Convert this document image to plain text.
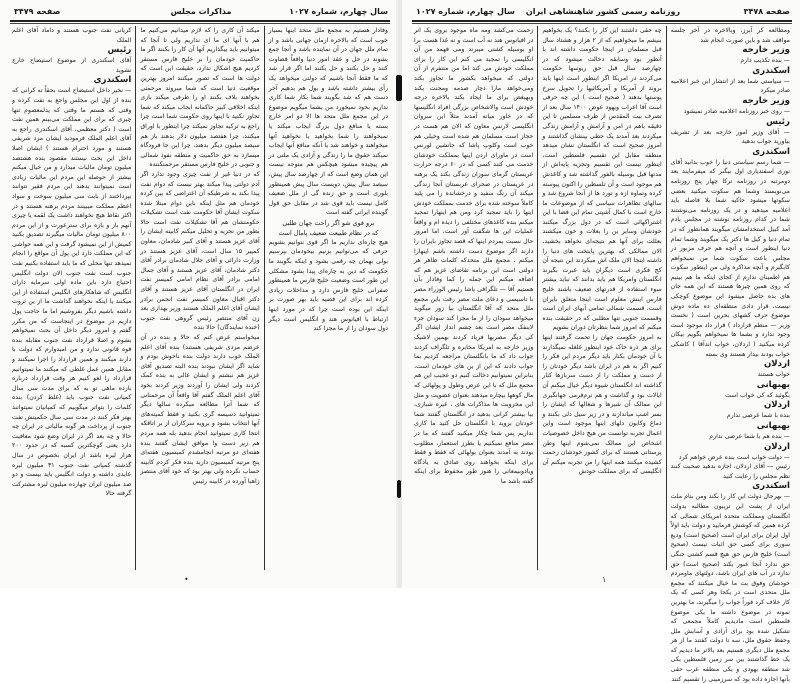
سال چهارم، شماره ۱۰۲۷
مذاکرات مجلس
صفحه ۳۴۷۹

وفادار هستیم به مجمع ملل متحد اینها بسیار خوب است که بالاخره ارمان جهانی باشد و از تمام ملل جهان در آن نماینده باشد و آنجا جمع بشوند در حل و عقد امور دنیا واقعاً قضاوت کنند و حل بکنند و حل بکنند اما اگر قرار شد که ما فقط آنجا باشیم که دولتی میخواهد یک رأی بیشتر داشته باشد و بول هم بدهیم آخر دست هم که شد بگویند شما بکار شما کاری نداریم بخود نمیخورد من بشما میگویم موضوع در این مجمع ملل متحد ها الا دو امر خارج بسته یا منافع دول بزرگ ایجاب میکند یا نمیخواهند را شما بخواهید یا نخواهید آنها میخواهند و خواهند شد یا آنکه منافع آنها ایجاب نمیکند حقوق ما را زندگی و آزادی یک ملتی در هم پیچیده میشود هیچکس هم متوجه نیست این همان وضع است که از چهارصد سال پیش، سیصد سال پیش، دویست سال پیش همینطور بلوری است و حق زنده گی از ملل ضعیف کامل نیست باید قوی شد در مقابل حق قول گوینده ایرانی گفته است

برو قوی شو اگر راحت جهان طلبی

که در نظام طبیعت ضعیف پامال است

هیچ چاره‌ای نداریم ما اگر قوی نتوانیم بشویم حرفی که می‌توانیم بزنیم بیخودمان بپرسیم بولی بهمان چه رقمی بشود و اینکه بگویند ما حکومت که دین به چاره‌ای پیدا بشود مشکلی این طور است وضعیت خلیج فارس ما همینطور صفرانی خلیج فارس دارد و مداخلات زیادی کرده اند برای این قضیه باید بهر صورت بر اینکه این بوده است چرا که در مورد اینها ارتباط با اقیانوس هند و انگلیس است دیگر دول سودان را از ما مجزا کند

میکند آن کاری را که لازم میدانیم می‌کنیم ما هم با آنها ای ما ای نداریم ولی تا آنجا که میتوانیم باید بیگذاریم آنها آن کار را بکنند اگر ما حاکمیت خودمان را بر خلیج فارس مستقر کردیم هیچ اشکال ندارد، حقیقت این است که دولت ها است که تصور میکنند امروز بهترین موقعیت دنیا است که شما میروند مرحمتی بخواهند بلاف بکنند او را طرفی میکند بازی اینکه اخلاقی کبیر حاکمانه ایجاب میکند که شما تجاوز نکنید با اینها روی حکومت شما است چرا راجع به ترکیه تجاوز نمیکند چرا اینطور با اوراق میکنند، چرا هفتصد میلیون دلار بدهند باز هم سیصد میلیون دیگر بدهند، چرا این جا فرودگاه میسازد به حق حاکمیت و منطقه نفوذ شمالی و جنوبی در خلیج فارس مستقر مرحمتکننده

که در دنیا غیر از نفت چیزی وجود ندارد اگر آدم دولتی پیدا میکند بهتر نیست که دوام نفت پیدا بکند به شرطیکه آن اعتراضی که بین کرده خودمان هم مثل اینکه باین دوام مبتلا شده سکوت ایشان آقا حکومت نفت است تشکیلات حکومتشان هم آقا تشکیلات نفت است حالا بطور من تجزیه و تحلیل میکنم کابینه ایشان را آقای عزیز هستند و آقای کبیر شادمان، معاون کمپیر ۱۵ سال است، آقای عزیز هستند در وزارت دارائی و آقای جلال شادمان برادر آقای دکتر شادمان، آقای عزیز هستند و آقای جمال امامی برادر آقای نظام امامی کمیسر نفت ایران در انگلستان آقای عزیز هستند و آقای دکتر اقبال معاون کمیسر نفت انجمن برادر ایشان آقای اعلم الملک هستند وزیر بهداری بعد زن آقای منتصر رئیس گروهی نفت جنوب (خنده نمایندگان) حالا بنده

میخواستم عرض کنم که حالا و بنده در آن عرضم مردی شریفی هستند) بنده آقای اعلم الملک خوب دارند دولت بنده ناخوش بودم و شاید اگر ایشان نبودند بنده البته تصدیق آقای عزیز هم نبشتم و ایشان عالی به بنده کمک کردند ولی ایشان را آوردند وزیر کردند بخود آقای اعلم الملک گفتم آقا واقعاً آن مرحمتانی که شما آنرا مطالعه میکرده سالها دیگر نمیتوانید دسیسه گری بکنید و فقط کمیته‌های آنها انتخاب بشود و برویه سرکاران از بر اتاقکه انتجا کاری نمیتوانید انجام بدهید بله همه مردم هم زیر دست وا موافق ایشان گفتند بنده هفته‌ای دو مرتبه انجامشدم کمیسیون هفته‌ای پنج مرتبه کمیسیون دارید بنده فکر کردم کابینه حساب نکرده ولی بهتر بود که خود آقای منتصر زاهبا آورده در کابینه رئیس

کریانی نفت جنوب هستند و داماد آقای اعلم الملک

رئیس

آقای اسکندری از موضوع استیضاح خارج نشوید

اسکندری

— نخیر داخل استیضاح است بحقاً ته کرانی که بنده از اول این مجلس واجع به نفت کرده و وقتی که هستم ما وقتی که یدلمعصوم تنها چیزی که برای این مملکت می‌بینم همین نفت است ( دکتر معظمی، آقای اسکندری راجع به آقای اعلم الملک فرمودید ایشان مرد شریفی هستند و مورد احترام هستند ) ایشان اصلا داخل این بحث نیستند مقصود بنده هشتصد میلیون تومان مالیات میدارد و من خیال میکنم بیشتر از حوصله این مردم این مالیات زیادی است نمیتوانند بدهند این مردم فقیر نتوانند بپرداختند از بابت سی میلیون سوخت و سواد اعظم مملکت میبینند مردم برهنه هستند و در اکثر نقاط هیچ نخواهند داشت یک لقمه یا چیزی آنهم باز و بازه برای سترعورت و از این مردم ۸۰۰ میلیون تومان مالیات میگیرند تصدیق بکنید کمیش از این نمیشود گرفت و این همه حواشی که این مملکت دارد این پول آن مواقع را انجام نمیدهد تنها محلی که ما باید استفاده بکنیم نفت جنوب است نفت جنوب الان دولت انگلیس احتیاج دارد باین ماده اولی سرمایه داران انگلیس که شاهکارهای انگلیس استفاده از این میکنند یا اینکه نخواهند گذاشت ما از ین ثروت داشته باشیم دیگر بفروشیم اما ما حاجت پول داریم در موضوع در اینجاست که من مکرر گفتم و امروز دیگر داخل آن بحث نمیخواهم بشوم و اصلا قرارداد نفت جنوب مقابله بنده قوه قانونی ندارد و من امیدوارم که دولت با دارند میکنند و همین قرارداد را اجرا نمیکنند و مقابل همین عمل غلطی که میکنند ما نمیتوانیم قرارداد را لغو کنیم هر وقت قرارداد درباره بازده ماهی تو به که برای مدت سی سال کمپانی نفت جنوب باید (غلط کردن) بنده کلمات را بتواتر میگوییم که کمپانیان نمیتوانند بهتر فکر کنند در مدت سی سال حکمیتش نفت جنوب از پرداخت هر گونه مالیاتی در ایران چه حالا و چه بعد اگر در ایران وضع شود معافیت دارد یعنی کوچکترین کسبه که در حدود ۲۰۰ هزار لیره باشد از ایران بخصوص در سال گذشته کمپانی نفت جنوب ۳۱ میلیون لیره عایدی داشته و دولت انگلیس باید بیست و دو صد میلیون ایران چهارده میلیون لیره مشترکت گرفته حالا

•
صفحه ۳۴۷۸
روزنامه رسمی کشور شاهنشاهی ایران
سال چهارم، شماره ۱۰۲۷

ومطالعه کر آبرز، وبالاخره در آخر جلسه مواقف شد و باین صورت انجام شد

وزیر خارجه

— بنده تکذیب دارم

اسکندری

— سیاستی شما بعد از انتشار این خبر اعلامیه صادر میکرد

وزیر خارجه

— روی خبر روزنامه اعلامیه صادر نمیشود

رئیس

— آقای وزیر امور خارجه بعد از تشریف بیاورید جواب بدهید

اسکندری

— شما رسم سیاستی دنیا را خوب بدانید آقای نوری اسفندیاری اول بیگنر که میفرمایند بعد دومرتبه در روزنامه ترکا چهار پنج روزنامه می‌نویسند وشما هم سکوت میکنید بعضی سکوتها میشود حاکیه شما بلا فاصله باید اعلامیه میدهید و در یک روزنامه می‌نوشتند شما در کدام روزنامه نوشته در مجلس یادم آمد کبیل استخدامشان میگویند همانطور که در تمام دنیا و کیل ها دکتر یک میگویند وشما تمام دنیا اینطور است و آنچه هم حرف مزبور در مجلس باعث سکوت شما من نمیخواهم کابگیرم و آنچه مذاکره ولی من اینطور سکوت هم اطمینان ندارم از کجای اینکه ما هم بینیم که روی همین چیزها هستند که این همه جان های بده حاصل میشود این موضوع کوچکی نیست، قرار دادی منطقه‌ای ده ماده دوش موضوع حرف کشهای بحرین است ( نخست وزیر — منظم قرارداد ) قرار داد موجود است وجود ندارد و بشما ها نمیخواهم بگویم بیکان کرده میکنید ( اردلان، خواب اندآقا ) کاشکی خواب بودند بیدار هستند وی بسته

اردلان

خواب هستند

بهبهانی

بگوئید که کی خواب است

اردلان

بنده با شما عرضی ندارم

بهبهانی

— بنده هم با شما عرضی ندارم

اردلان

— دولت خواب است بنده عرض خواهم کرد

رئیس — آقای اردلان، اجازه بدهید صحبت کنند نظم مجلس را رعایت کنید

اسکندری

— بهرحال دولت این کار را بکند ومن بنام ملت ایران از پشت این تریبون مطالبه بدولت انگلستان ومملکت متحده امریکای شمالی که کرده همین که کوشش فرمایید و دولت باید اولاً اول ایران برای ایران است (صحیح است) ودیع سوری برای کسی حق اثبات نیست (صحیح است) خلیج فارس حق هیچ قسم کشتی جنگی حق ندارد آنجا عبور بکند (صحیح است) حق ندارد در آب های ایران باشد، دولتهای ماومردم خودشان وفوق بت ما خیال میکنند که مجمع ملل متحدی است در یکجا وهر کسی که یک کار خلاف کرد فوراً جواب را میگیرند، ما بهترین نمونه در موضوع داشته ما یکی موضوع فلسطین است مادیدیم کاملاً مجمعی که تشکیل شده بود برای آزادی و آسایش ملل وحفظ حقوق ملل، سه تا دولت کفتند ما از هر مجمع ملل دیگری هستیم بعد بالاتر ما دیدیم که یک خط گذاشتند بین سر زمین فلسطین یکی شد منطقه یهودی و یکی منطقه عرب حقی بآنها اجازه داده بود که سرزمینی را تقسیم کنند

چه حقی داشتند این کار را بکنند؟ یک بخواهیم بنیشم ما میخواهیم که از ۲ هزار و هشتاد سال قبل مسلمان در اینجا حکومت داشته اند با آنطور بود وسابقه دخالت میشود که در چهارصد سال قبل حق ریوسها حکومت می‌کردند در امریکا اگر اینطور است اینها باید بروند از آمریکا و آمریکائیها را تحویل سرخ پوستها بدهند ( صحیح است ) این چه حرفی است آقا اعراب ویهود عوض ۱۴۰۰ سال بعد از تصرف بیت المقدس از طرف مسلمین تا این دقیقه باهم در امن و آرامش و آرامش زندگی میکردند بعد آمدند یک خطی بینشان گذاشتند و امروز صحیح است که انگلستان نشان میدهد منطقه مقابل این تقسیم فلسطین است، اینطور نیست این تقسیم وتجزیه پایه‌اش از مدتها قبل بوسیله بالفور گذاشته شد و کاغذش هم موجود است و آن تلسطین را اکنون پیوسته کرده وتماوه ازه و تورد ها از آنجا شروع شد و سالهای تظاهرات سیاسی که از موضوعات ما خارج است با کمال آشپتی تمام این فضا با این اشتراکهائی است که در دول بزرگ میکنند خودشان وساير ين را بعلات و خون ميكشند بعللت برای آنها هم نتیجه‌ای نخواهد بخشید، الان ممالکی که بهترین پایتخت های دنیا را داشته اینجا الان ملک اش میکردند این نتیجه آن کج فکری است دیگران باید عبرت بگیرند انگلستان وامریکا هم باید بدانند که نباید بیشتر سوء استفاده از قدرتهای ضعیف باشند خلیج فارس اینش معلوم است اینجا متعلق بایران است، قسمت شمالی تمامی آبهای ایران است وقسمت جنوبی تنها مطلبی که در حقیقت بنده میکنم که امروز شما بنظرتان دوران بشویم

به امروز حکومت جهان را تحمت گرفتند اینها برای هر ذره خاک خود اینطور غلغله نمیگذارند با آن خودمان بکنار باید دیگر مردم این فکر را کنیم اگر به هم در ایران باشد دیگر خودتان را از دست و مملکت را از دست سربازها کنار گذاشته اند انگلستان شیوه دیگر خیال میکنم آن ایالات بود و گذاشت و هم نرم‌فرمی جهانگیری این ممالک آن شیرها و شغالها که ایشان را بسر اشپ میاندازند و در زیر سیل دلی بکنند و دماغ وکابون دلهای اینها موجود است واین اعمال تجربه توانست من هیچ داخل خصوصیات اشخاص این ممالک نمی‌شوم اینها وطن پرستانی هستند که برای کشور خودشان زحمت کشیده میکنند همه اینها را من تجربه میکنم آن انگلیسی که برای مملکت خودش

زحمت می‌کشد ومه ماه موجود بروی یک انر در اقیانوس هند نه آب است و نه غذا هست برا او بوسیله کشتی میبرند ومی فهمد من آن انگلیسی را تمجید می کنم این کار را برای مملکت خودش می کند اما من متنفرم از آن دولتی که میخواهد بکشور ما تجاوز بکند ومی‌خواهد مارا دچار صدمه ومحنت بکند وبهبغض برای ما ایجاد بکند بالاخره درجه خودش است والاشخاص بزرگی افراد انگلیسها که در خاور میانه آمدند مثلاً این سروان انگلیسی لارنس معاون که الان هم هست در حجاز است مسلمان هم شده است وخیلی هم خوب است وکلوپ پاشا که جانشین لورنس است در ماورای اردن اینها بمملکت خودشان خدمت می کنند کسی که در ۶۰ درجه حرارت عربستان گرمای سوزان زندگی بکند یک برهنه در عربستان در صحرای عربستان آنجا زندگی میکند آن رنگ سفید و درخشانده را می پلید کاملاً سوخته شده برای خدمت بمملکت خودش اینها را باید تمجید کرد ومن هم اینهارا تمجید میکنم بنده کاغذهای مختلفی را دیده ام و واقعاً عملیات این ها شگفت آور است، اما امروز حال نسبت بمردم اینها که قصد تجاوز بایران را دارند اگر موضوع دست داشته باشم اینهارا میکنم ، مجمع ملل متحدکه کلمات ظاهر هر دولتی است این برنامه تقاضای عزیز هم که اضافه میکنم این جمله را کما وفادار بآن هستیم آقا — تلگرافی پاشا رئیس الوزراء مصر با تاسیسی و دعای ملت مصر رفت باین مجمع ملل متحد که آقا انگلستان بیا زور میگوید میخواهد سودان را از ما مجزا کند سودان جزء لاینفک مصر است بعد چشم انداز ایشان اگر کی دیگر مصریها فریاد کردند بهمین لاشیک وزیر خارجه به امریکا مخابره و تلگراف کردند جواب داد که ما بانگلستان مراجعه کردیم بما جواب دادند که این از ین های خودمان است، بنابراین نمیتوانیم دخالت کنیم دو عجیب این هم مجمع ملل که با این عرض وطول و پولهائی که مال کوهها بیچاره میدهند بعنوان عضویت و مثل این مخروبت ها مذاکرات های ، غیره شبازی، بیا بیشتر کرانی بدهید در انگلستان گفتند شما خودتان بروید با انگلستان حل کنید ما کاری نداریم پس شما چکار میکنید گفتند که ما در مصر منافع نمیکنیم یا بطرز استعمار، مطلوب بودند به آمدند بعنوان بولهائی که فقط و فقط برای اینکه بخواهند روی صادق به یادگاه ویادوبیمعانی را هنوز طور محفوظ برای اینکه گفته باشد ما

۱
